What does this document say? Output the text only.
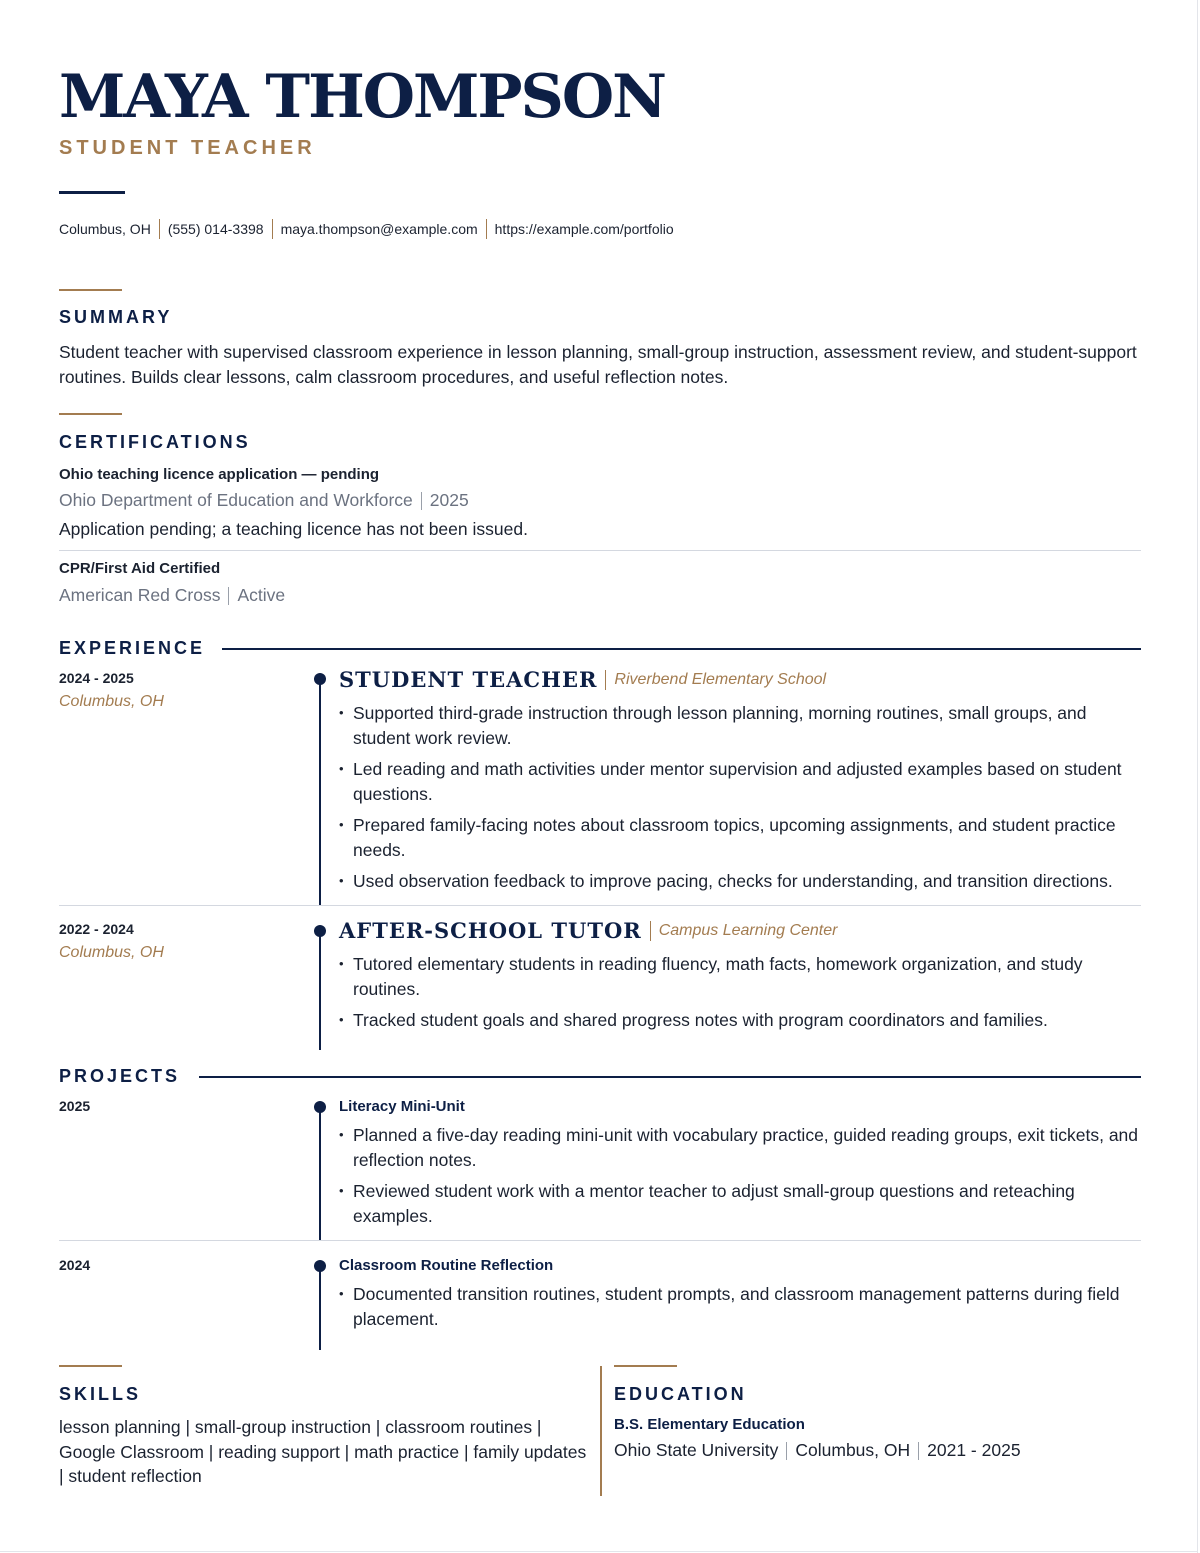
MAYA THOMPSON
STUDENT TEACHER
Columbus, OH (555) 014-3398 maya.thompson@example.com https://example.com/portfolio
SUMMARY
Student teacher with supervised classroom experience in lesson planning, small-group instruction, assessment review, and student-support routines. Builds clear lessons, calm classroom procedures, and useful reflection notes.
CERTIFICATIONS
Ohio teaching licence application — pending
Ohio Department of Education and Workforce 2025
Application pending; a teaching licence has not been issued.
CPR/First Aid Certified
American Red Cross Active
EXPERIENCE
2024 - 2025
Columbus, OH
STUDENT TEACHER Riverbend Elementary School
• Supported third-grade instruction through lesson planning, morning routines, small groups, and student work review.
• Led reading and math activities under mentor supervision and adjusted examples based on student questions.
• Prepared family-facing notes about classroom topics, upcoming assignments, and student practice needs.
• Used observation feedback to improve pacing, checks for understanding, and transition directions.
2022 - 2024
Columbus, OH
AFTER-SCHOOL TUTOR Campus Learning Center
• Tutored elementary students in reading fluency, math facts, homework organization, and study routines.
• Tracked student goals and shared progress notes with program coordinators and families.
PROJECTS
2025	Literacy Mini-Unit
• Planned a five-day reading mini-unit with vocabulary practice, guided reading groups, exit tickets, and reflection notes.
• Reviewed student work with a mentor teacher to adjust small-group questions and reteaching examples.
2024	Classroom Routine Reflection
• Documented transition routines, student prompts, and classroom management patterns during field placement.
SKILLS
lesson planning | small-group instruction | classroom routines | Google Classroom | reading support | math practice | family updates | student reflection
EDUCATION
B.S. Elementary Education
Ohio State University Columbus, OH 2021 - 2025
